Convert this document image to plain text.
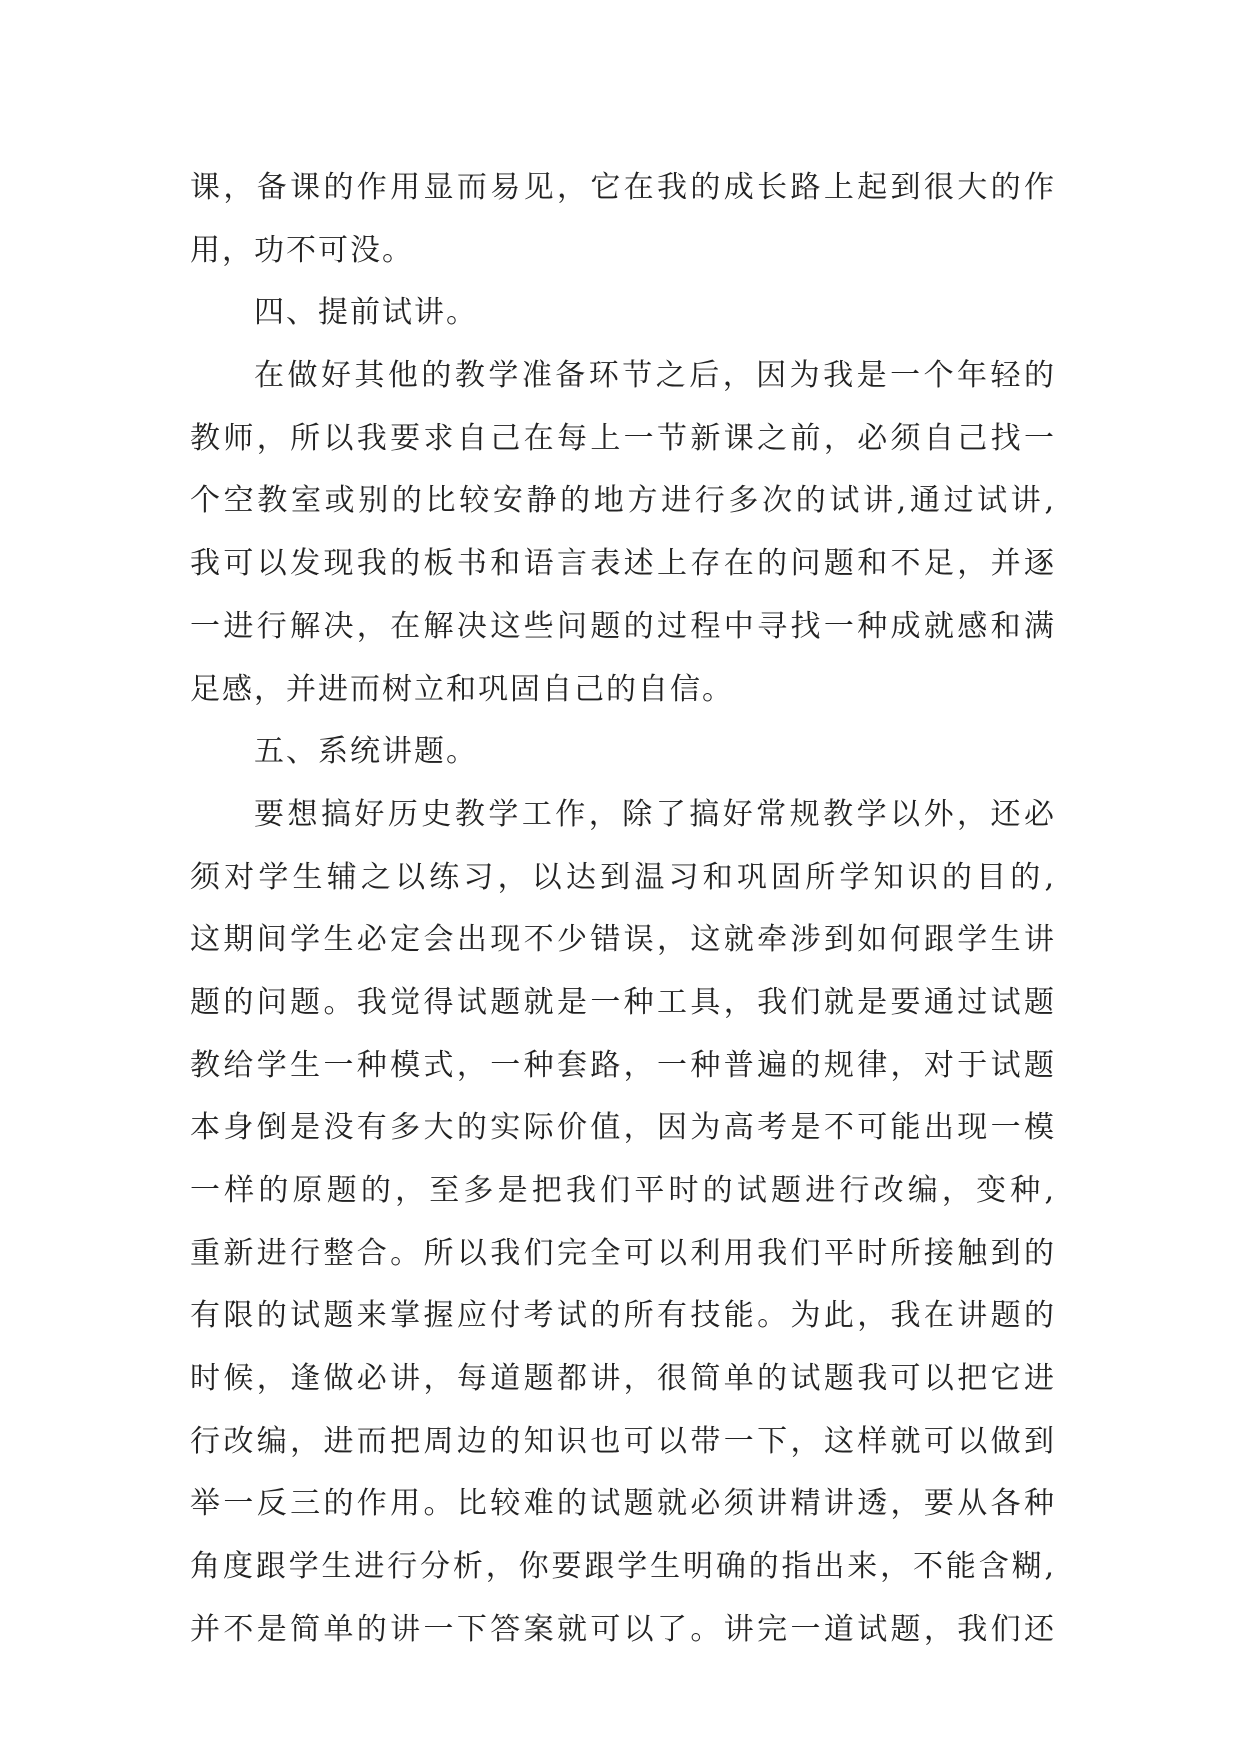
课，备课的作用显而易见，它在我的成长路上起到很大的作
用，功不可没。
四、提前试讲。
在做好其他的教学准备环节之后，因为我是一个年轻的
教师，所以我要求自己在每上一节新课之前，必须自己找一
个空教室或别的比较安静的地方进行多次的试讲,通过试讲,
我可以发现我的板书和语言表述上存在的问题和不足，并逐
一进行解决，在解决这些问题的过程中寻找一种成就感和满
足感，并进而树立和巩固自己的自信。
五、系统讲题。
要想搞好历史教学工作，除了搞好常规教学以外，还必
须对学生辅之以练习，以达到温习和巩固所学知识的目的,
这期间学生必定会出现不少错误，这就牵涉到如何跟学生讲
题的问题。我觉得试题就是一种工具，我们就是要通过试题
教给学生一种模式，一种套路，一种普遍的规律，对于试题
本身倒是没有多大的实际价值，因为高考是不可能出现一模
一样的原题的，至多是把我们平时的试题进行改编，变种,
重新进行整合。所以我们完全可以利用我们平时所接触到的
有限的试题来掌握应付考试的所有技能。为此，我在讲题的
时候，逢做必讲，每道题都讲，很简单的试题我可以把它进
行改编，进而把周边的知识也可以带一下，这样就可以做到
举一反三的作用。比较难的试题就必须讲精讲透，要从各种
角度跟学生进行分析，你要跟学生明确的指出来，不能含糊,
并不是简单的讲一下答案就可以了。讲完一道试题，我们还
